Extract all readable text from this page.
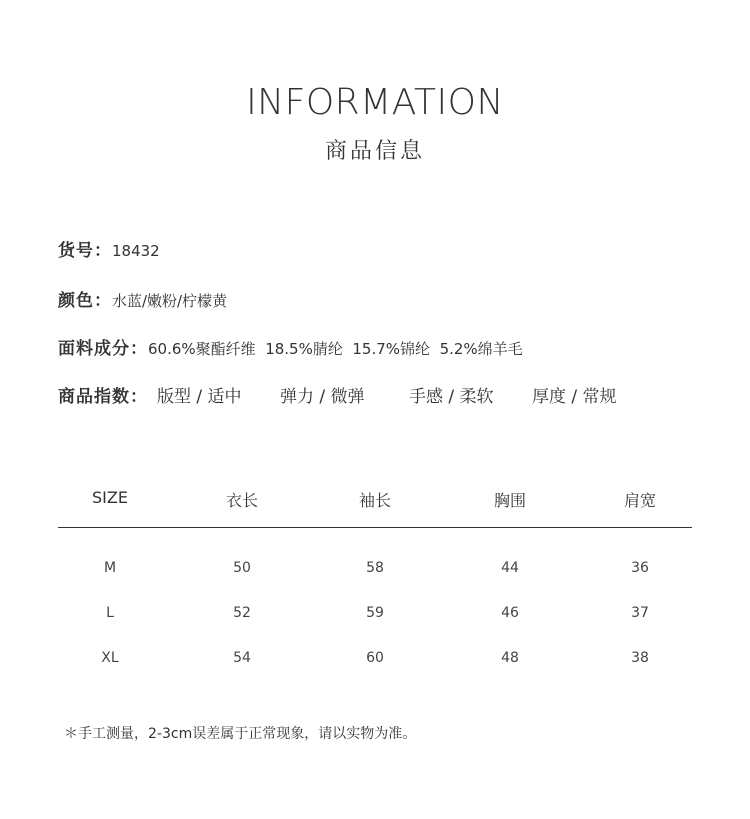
INFORMATION
商品信息
货号：18432
颜色：水蓝/嫩粉/柠檬黄
面料成分：60.6%聚酯纤维  18.5%腈纶  15.7%锦纶  5.2%绵羊毛
商品指数： 版型 / 适中 弹力 / 微弹	手感 / 柔软 厚度 / 常规
SIZE	衣长	袖长	胸围	肩宽
M	50	58	44	36
L	52	59	46	37
XL	54	60	48	38
＊手工测量，2-3cm误差属于正常现象，请以实物为准。
